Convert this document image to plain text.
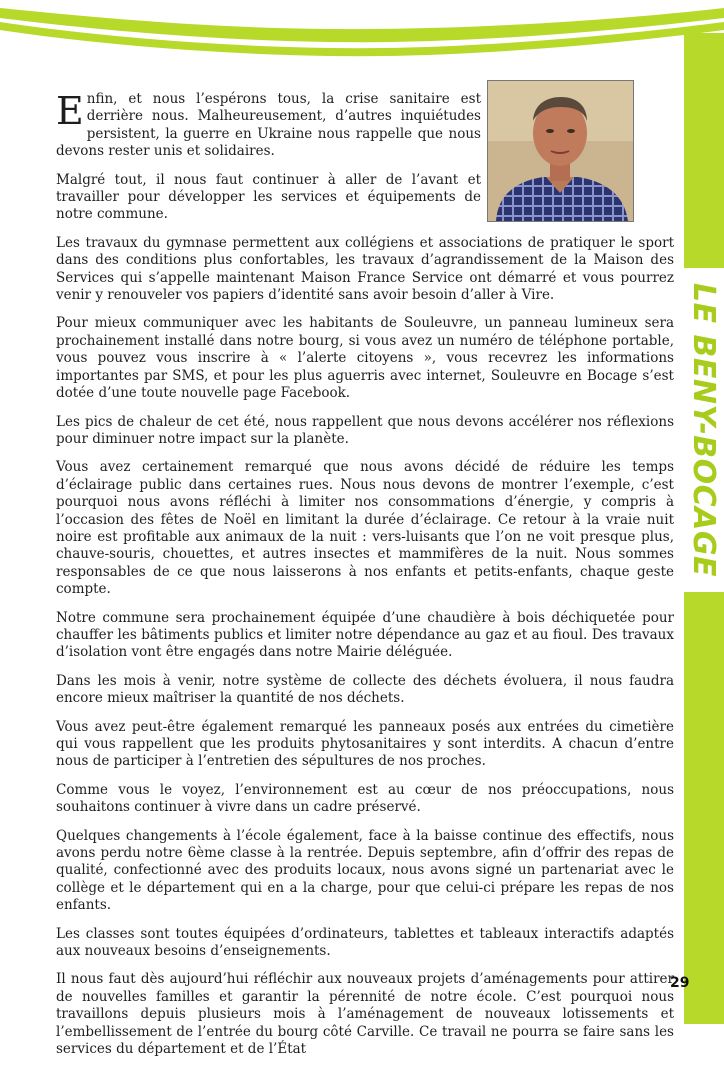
LE BENY-BOCAGE

Enfin, et nous l’espérons tous, la crise sanitaire est derrière nous. Malheureusement, d’autres inquiétudes persistent, la guerre en Ukraine nous rappelle que nous devons rester unis et solidaires.

Malgré tout, il nous faut continuer à aller de l’avant et travailler pour développer les services et équipements de notre commune.

Les travaux du gymnase permettent aux collégiens et associations de pratiquer le sport dans des conditions plus confortables, les travaux d’agrandissement de la Maison des Services qui s’appelle maintenant Maison France Service ont démarré et vous pourrez venir y renouveler vos papiers d’identité sans avoir besoin d’aller à Vire.

Pour mieux communiquer avec les habitants de Souleuvre, un panneau lumineux sera prochainement installé dans notre bourg, si vous avez un numéro de téléphone portable, vous pouvez vous inscrire à « l’alerte citoyens », vous recevrez les informations importantes par SMS, et pour les plus aguerris avec internet, Souleuvre en Bocage s’est dotée d’une toute nouvelle page Facebook.

Les pics de chaleur de cet été, nous rappellent que nous devons accélérer nos réflexions pour diminuer notre impact sur la planète.

Vous avez certainement remarqué que nous avons décidé de réduire les temps d’éclairage public dans certaines rues. Nous nous devons de montrer l’exemple, c’est pourquoi nous avons réfléchi à limiter nos consommations d’énergie, y compris à l’occasion des fêtes de Noël en limitant la durée d’éclairage. Ce retour à la vraie nuit noire est profitable aux animaux de la nuit : vers-luisants que l’on ne voit presque plus, chauve-souris, chouettes, et autres insectes et mammifères de la nuit. Nous sommes responsables de ce que nous laisserons à nos enfants et petits-enfants, chaque geste compte.

Notre commune sera prochainement équipée d’une chaudière à bois déchiquetée pour chauffer les bâtiments publics et limiter notre dépendance au gaz et au fioul. Des travaux d’isolation vont être engagés dans notre Mairie déléguée.

Dans les mois à venir, notre système de collecte des déchets évoluera, il nous faudra encore mieux maîtriser la quantité de nos déchets.

Vous avez peut-être également remarqué les panneaux posés aux entrées du cimetière qui vous rappellent que les produits phytosanitaires y sont interdits. A chacun d’entre nous de participer à l’entretien des sépultures de nos proches.

Comme vous le voyez, l’environnement est au cœur de nos préoccupations, nous souhaitons continuer à vivre dans un cadre préservé.

Quelques changements à l’école également, face à la baisse continue des effectifs, nous avons perdu notre 6ème classe à la rentrée. Depuis septembre, afin d’offrir des repas de qualité, confectionné avec des produits locaux, nous avons signé un partenariat avec le collège et le département qui en a la charge, pour que celui-ci prépare les repas de nos enfants.

Les classes sont toutes équipées d’ordinateurs, tablettes et tableaux interactifs adaptés aux nouveaux besoins d’enseignements.

Il nous faut dès aujourd’hui réfléchir aux nouveaux projets d’aménagements pour attirer de nouvelles familles et garantir la pérennité de notre école. C’est pourquoi nous travaillons depuis plusieurs mois à l’aménagement de nouveaux lotissements et l’embellissement de l’entrée du bourg côté Carville. Ce travail ne pourra se faire sans les services du département et de l’État

29
